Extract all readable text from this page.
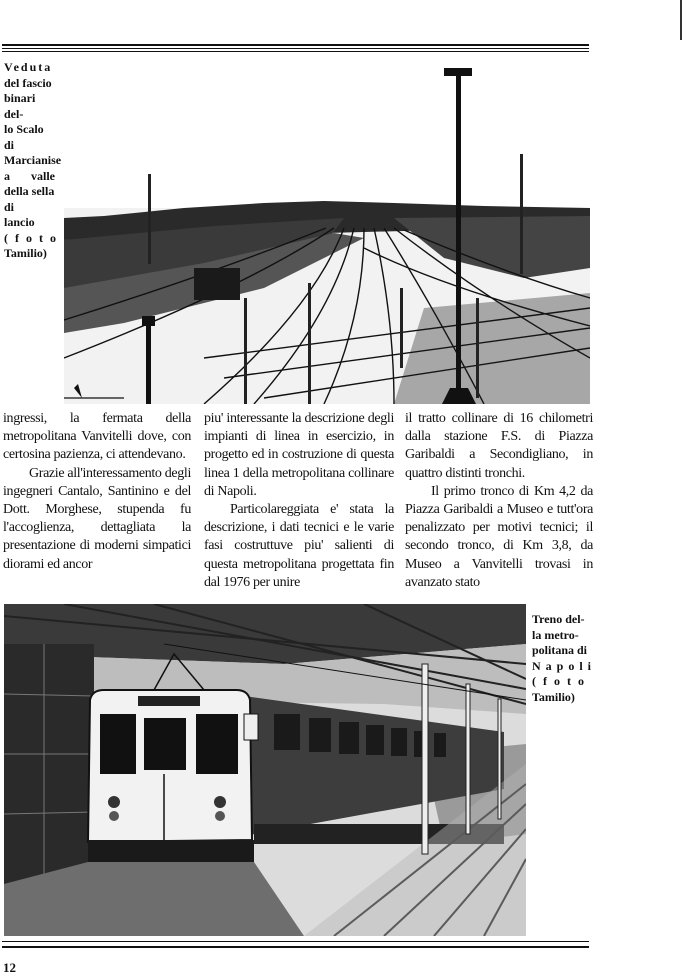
Veduta
del fascio
binari del-
lo Scalo di
Marcianise
a valle
della sella
di lancio
(foto
Tamilio)

ingressi, la fermata della metropolitana Vanvitelli dove, con certosina pazienza, ci attendevano.

Grazie all'interessamento degli ingegneri Cantalo, Santinino e del Dott. Morghese, stupenda fu l'accoglienza, dettagliata la presentazione di moderni simpatici diorami ed ancor

piu' interessante la descrizione degli impianti di linea in esercizio, in progetto ed in costruzione di questa linea 1 della metropolitana collinare di Napoli.

Particolareggiata e' stata la descrizione, i dati tecnici e le varie fasi costruttuve piu' salienti di questa metropolitana progettata fin dal 1976 per unire

il tratto collinare di 16 chilometri dalla stazione F.S. di Piazza Garibaldi a Secondigliano, in quattro distinti tronchi.

Il primo tronco di Km 4,2 da Piazza Garibaldi a Museo e tutt'ora penalizzato per motivi tecnici; il secondo tronco, di Km 3,8, da Museo a Vanvitelli trovasi in avanzato stato

Treno del-
la metro-
politana di
Napoli
(foto
Tamilio)
12
